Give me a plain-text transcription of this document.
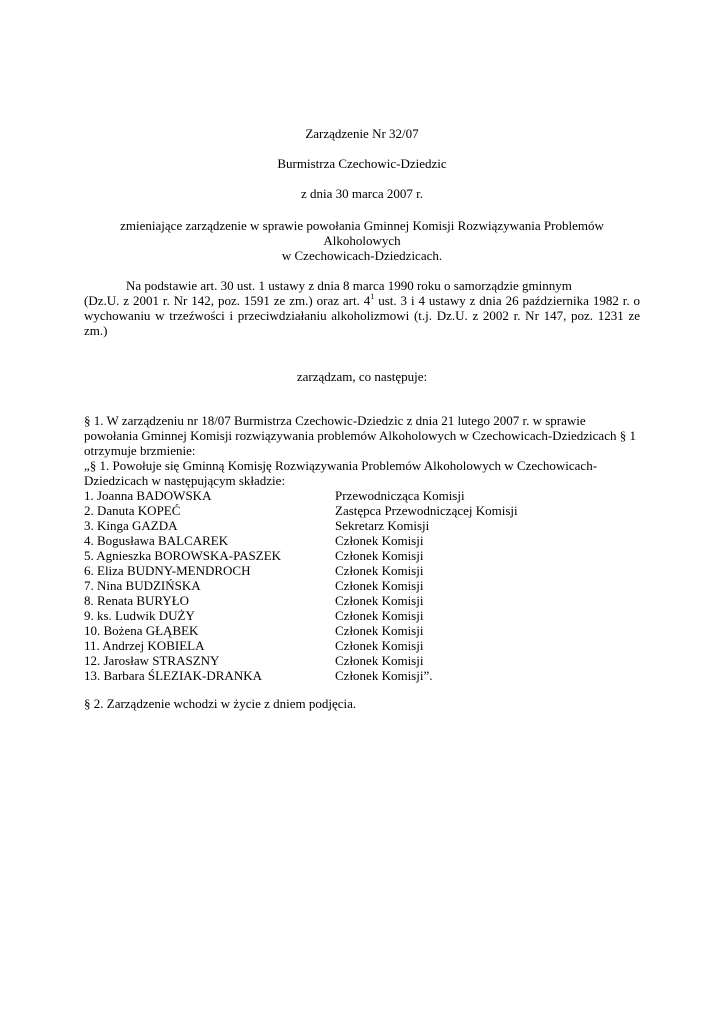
Zarządzenie Nr 32/07
Burmistrza Czechowic-Dziedzic
z dnia 30 marca 2007 r.
zmieniające zarządzenie w sprawie powołania Gminnej Komisji Rozwiązywania Problemów
Alkoholowych
w Czechowicach-Dziedzicach.
Na podstawie art. 30 ust. 1 ustawy z dnia 8 marca 1990 roku o samorządzie gminnym
(Dz.U. z 2001 r. Nr 142, poz. 1591 ze zm.) oraz art. $4^1$ ust. 3 i 4 ustawy z dnia 26 października 1982 r. o
wychowaniu w trzeźwości i przeciwdziałaniu alkoholizmowi (t.j. Dz.U. z 2002 r. Nr 147, poz. 1231 ze
zm.)
zarządzam, co następuje:
§ 1. W zarządzeniu nr 18/07 Burmistrza Czechowic-Dziedzic z dnia 21 lutego 2007 r. w sprawie
powołania Gminnej Komisji rozwiązywania problemów Alkoholowych w Czechowicach-Dziedzicach § 1
otrzymuje brzmienie:
„§ 1. Powołuje się Gminną Komisję Rozwiązywania Problemów Alkoholowych w Czechowicach-
Dziedzicach w następującym składzie:
1. Joanna BADOWSKA	Przewodnicząca Komisji
2. Danuta KOPEĆ	Zastępca Przewodniczącej Komisji
3. Kinga GAZDA	Sekretarz Komisji
4. Bogusława BALCAREK	Członek Komisji
5. Agnieszka BOROWSKA-PASZEK	Członek Komisji
6. Eliza BUDNY-MENDROCH	Członek Komisji
7. Nina BUDZIŃSKA	Członek Komisji
8. Renata BURYŁO	Członek Komisji
9. ks. Ludwik DUŻY	Członek Komisji
10. Bożena GŁĄBEK	Członek Komisji
11. Andrzej KOBIELA	Członek Komisji
12. Jarosław STRASZNY	Członek Komisji
13. Barbara ŚLEZIAK-DRANKA	Członek Komisji”.
§ 2. Zarządzenie wchodzi w życie z dniem podjęcia.
